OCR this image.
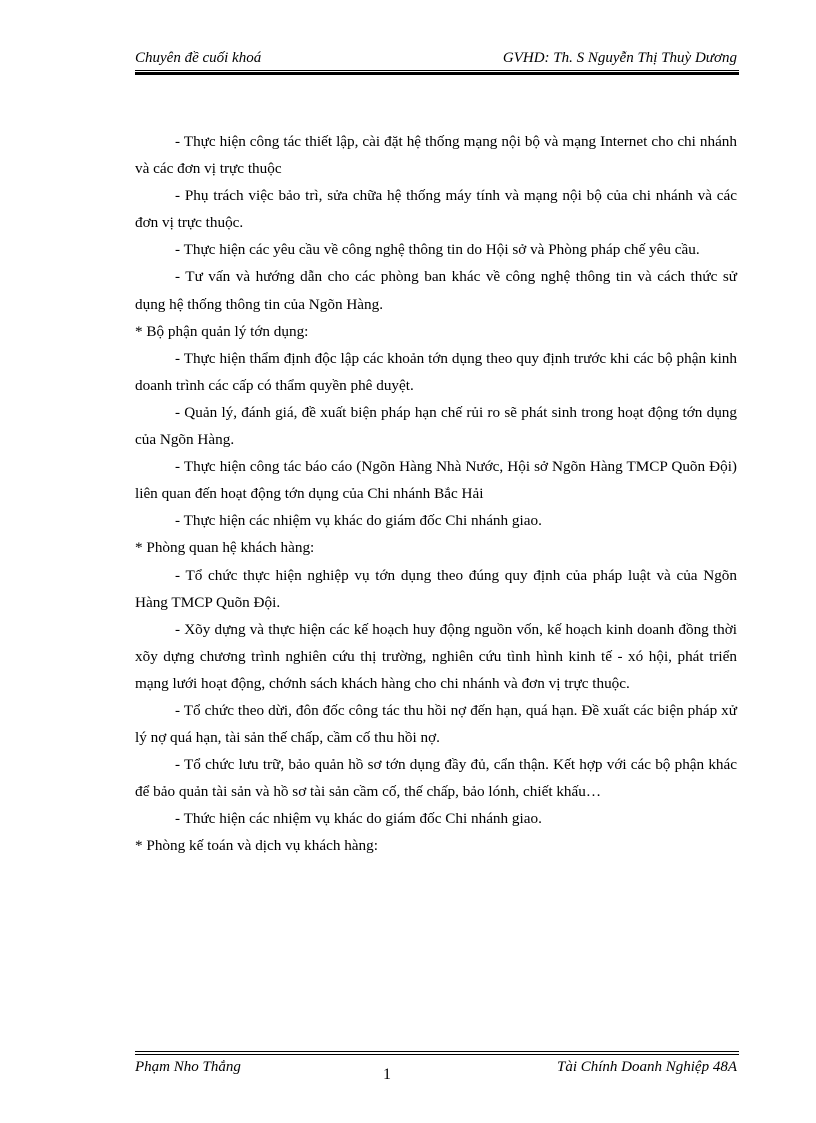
Chuyên đề cuối khoá	GVHD: Th. S Nguyễn Thị Thuỳ Dương

- Thực hiện công tác thiết lập, cài đặt hệ thống mạng nội bộ và mạng Internet cho chi nhánh và các đơn vị trực thuộc

- Phụ trách việc bảo trì, sửa chữa hệ thống máy tính và mạng nội bộ của chi nhánh và các đơn vị trực thuộc.

- Thực hiện các yêu cầu về công nghệ thông tin do Hội sở và Phòng pháp chế yêu cầu.

- Tư vấn và hướng dẫn cho các phòng ban khác về công nghệ thông tin và cách thức sử dụng hệ thống thông tin của Ngõn Hàng.

* Bộ phận quản lý tớn dụng:

- Thực hiện thẩm định độc lập các khoản tớn dụng theo quy định trước khi các bộ phận kinh doanh trình các cấp có thẩm quyền phê duyệt.

- Quản lý, đánh giá, đề xuất biện pháp hạn chế rủi ro sẽ phát sinh trong hoạt động tớn dụng của Ngõn Hàng.

- Thực hiện công tác báo cáo (Ngõn Hàng Nhà Nước, Hội sở Ngõn Hàng TMCP Quõn Đội) liên quan đến hoạt động tớn dụng của Chi nhánh Bắc Hải

- Thực hiện các nhiệm vụ khác do giám đốc Chi nhánh giao.

* Phòng quan hệ khách hàng:

- Tổ chức thực hiện nghiệp vụ tớn dụng theo đúng quy định của pháp luật và của Ngõn Hàng TMCP Quõn Đội.

- Xõy dựng và thực hiện các kế hoạch huy động nguồn vốn, kế hoạch kinh doanh đồng thời xõy dựng chương trình nghiên cứu thị trường, nghiên cứu tình hình kinh tế - xó hội, phát triển mạng lưới hoạt động, chớnh sách khách hàng cho chi nhánh và đơn vị trực thuộc.

- Tổ chức theo dừi, đôn đốc công tác thu hồi nợ đến hạn, quá hạn. Đề xuất các biện pháp xử lý nợ quá hạn, tài sản thế chấp, cầm cố thu hồi nợ.

- Tổ chức lưu trữ, bảo quản hồ sơ tớn dụng đầy đủ, cẩn thận. Kết hợp với các bộ phận khác để bảo quản tài sản và hồ sơ tài sản cầm cố, thế chấp, bảo lónh, chiết khấu…

- Thức hiện các nhiệm vụ khác do giám đốc Chi nhánh giao.

* Phòng kế toán và dịch vụ khách hàng:

Phạm Nho Thắng	1	Tài Chính Doanh Nghiệp 48A
